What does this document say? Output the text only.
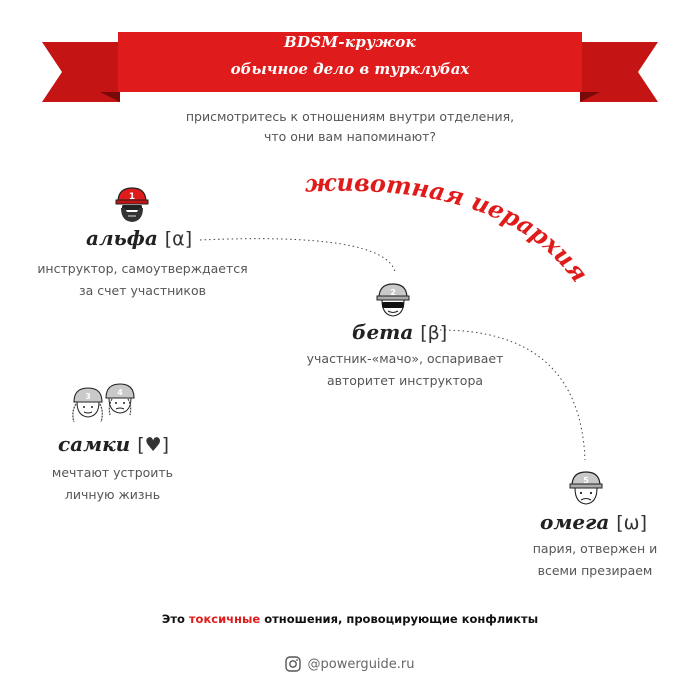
BDSM-кружок
обычное дело в турклубах
присмотритесь к отношениям внутри отделения,
что они вам напоминают?
животная иерархия
1
альфа [α]
инструктор, самоутверждается
за счет участников	2
бета [β]
участник-«мачо», оспаривает
авторитет инструктора
3	4
самки [♥]
мечтают устроить
личную жизнь
5
омега [ω]
пария, отвержен и
всеми презираем
Это токсичные отношения, провоцирующие конфликты
@powerguide.ru
